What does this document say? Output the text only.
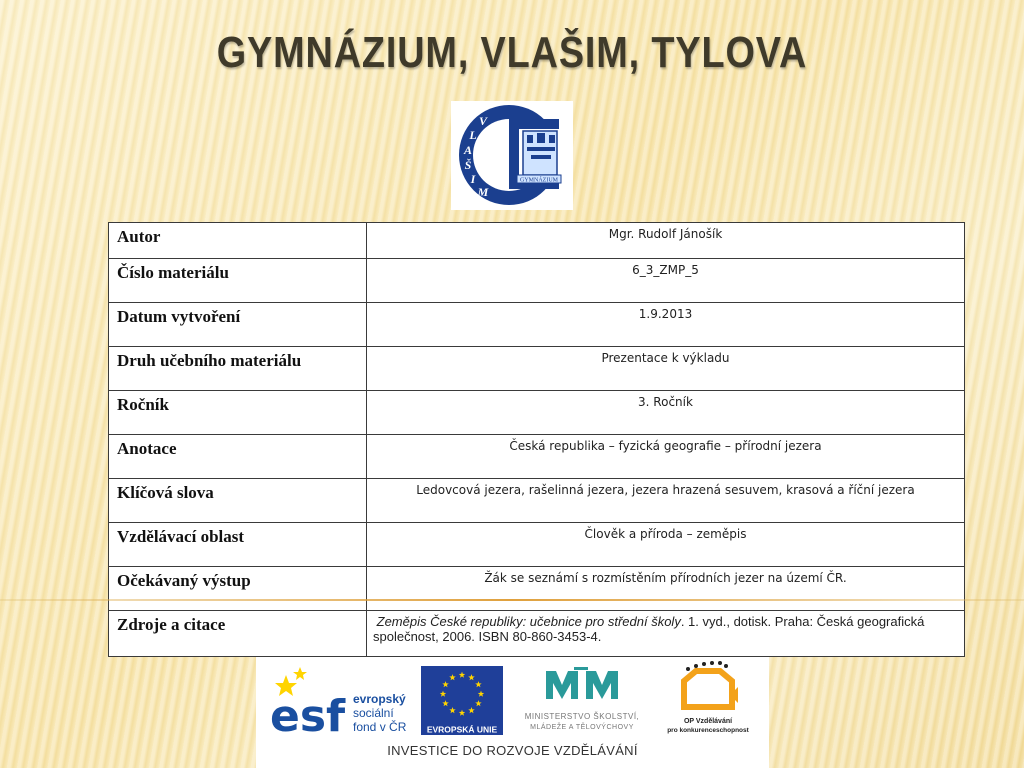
GYMNÁZIUM, VLAŠIM, TYLOVA
GYMNÁZIUM
V
L
A
Š
I
M
Autor	Mgr. Rudolf Jánošík
Číslo materiálu	6_3_ZMP_5
Datum vytvoření	1.9.2013
Druh učebního materiálu	Prezentace k výkladu
Ročník	3. Ročník
Anotace	Česká republika – fyzická geografie – přírodní jezera
Klíčová slova	Ledovcová jezera, rašelinná jezera, jezera hrazená sesuvem, krasová a říční jezera
Vzdělávací oblast	Člověk a příroda – zeměpis
Očekávaný výstup	Žák se seznámí s rozmístěním přírodních jezer na území ČR.
Zdroje a citace	Zeměpis České republiky: učebnice pro střední školy. 1. vyd., dotisk. Praha: Česká geografická společnost, 2006. ISBN 80-860-3453-4.
esf evropský
sociální
fond v ČR EVROPSKÁ UNIE
MINISTERSTVO ŠKOLSTVÍ,
MLÁDEŽE A TĚLOVÝCHOVY
OP Vzdělávání
pro konkurenceschopnost
INVESTICE DO ROZVOJE VZDĚLÁVÁNÍ
